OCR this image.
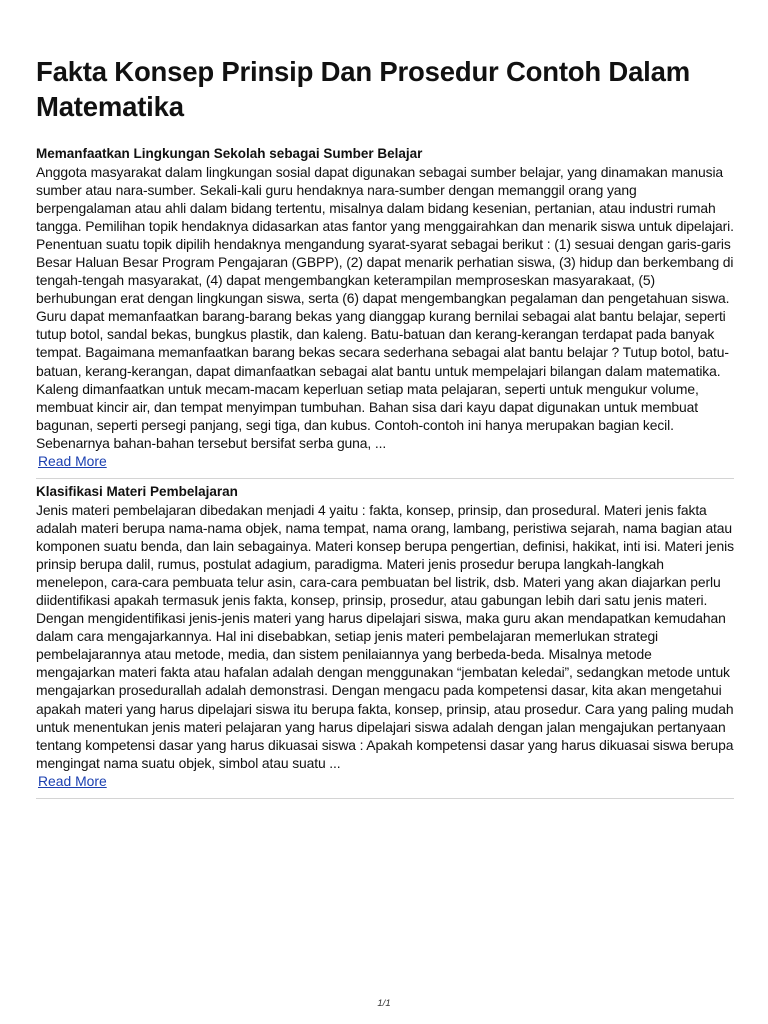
Fakta Konsep Prinsip Dan Prosedur Contoh Dalam Matematika
Memanfaatkan Lingkungan Sekolah sebagai Sumber Belajar

Anggota masyarakat dalam lingkungan sosial dapat digunakan sebagai sumber belajar, yang dinamakan manusia sumber atau nara-sumber. Sekali-kali guru hendaknya nara-sumber dengan memanggil orang yang berpengalaman atau ahli dalam bidang tertentu, misalnya dalam bidang kesenian, pertanian, atau industri rumah tangga. Pemilihan topik hendaknya didasarkan atas fantor yang menggairahkan dan menarik siswa untuk dipelajari. Penentuan suatu topik dipilih hendaknya mengandung syarat-syarat sebagai berikut : (1) sesuai dengan garis-garis Besar Haluan Besar Program Pengajaran (GBPP), (2) dapat menarik perhatian siswa, (3) hidup dan berkembang di tengah-tengah masyarakat, (4) dapat mengembangkan keterampilan memproseskan masyarakaat, (5) berhubungan erat dengan lingkungan siswa, serta (6) dapat mengembangkan pegalaman dan pengetahuan siswa. Guru dapat memanfaatkan barang-barang bekas yang dianggap kurang bernilai sebagai alat bantu belajar, seperti tutup botol, sandal bekas, bungkus plastik, dan kaleng. Batu-batuan dan kerang-kerangan terdapat pada banyak tempat. Bagaimana memanfaatkan barang bekas secara sederhana sebagai alat bantu belajar ? Tutup botol, batu-batuan, kerang-kerangan, dapat dimanfaatkan sebagai alat bantu untuk mempelajari bilangan dalam matematika. Kaleng dimanfaatkan untuk mecam-macam keperluan setiap mata pelajaran, seperti untuk mengukur volume, membuat kincir air, dan tempat menyimpan tumbuhan. Bahan sisa dari kayu dapat digunakan untuk membuat bagunan, seperti persegi panjang, segi tiga, dan kubus. Contoh-contoh ini hanya merupakan bagian kecil. Sebenarnya bahan-bahan tersebut bersifat serba guna, ...

Read More
Klasifikasi Materi Pembelajaran

Jenis materi pembelajaran dibedakan menjadi 4 yaitu : fakta, konsep, prinsip, dan prosedural. Materi jenis fakta adalah materi berupa nama-nama objek, nama tempat, nama orang, lambang, peristiwa sejarah, nama bagian atau komponen suatu benda, dan lain sebagainya. Materi konsep berupa pengertian, definisi, hakikat, inti isi. Materi jenis prinsip berupa dalil, rumus, postulat adagium, paradigma. Materi jenis prosedur berupa langkah-langkah menelepon, cara-cara pembuata telur asin, cara-cara pembuatan bel listrik, dsb. Materi yang akan diajarkan perlu diidentifikasi apakah termasuk jenis fakta, konsep, prinsip, prosedur, atau gabungan lebih dari satu jenis materi. Dengan mengidentifikasi jenis-jenis materi yang harus dipelajari siswa, maka guru akan mendapatkan kemudahan dalam cara mengajarkannya. Hal ini disebabkan, setiap jenis materi pembelajaran memerlukan strategi pembelajarannya atau metode, media, dan sistem penilaiannya yang berbeda-beda. Misalnya metode mengajarkan materi fakta atau hafalan adalah dengan menggunakan “jembatan keledai”, sedangkan metode untuk mengajarkan prosedurallah adalah demonstrasi. Dengan mengacu pada kompetensi dasar, kita akan mengetahui apakah materi yang harus dipelajari siswa itu berupa fakta, konsep, prinsip, atau prosedur. Cara yang paling mudah untuk menentukan jenis materi pelajaran yang harus dipelajari siswa adalah dengan jalan mengajukan pertanyaan tentang kompetensi dasar yang harus dikuasai siswa : Apakah kompetensi dasar yang harus dikuasai siswa berupa mengingat nama suatu objek, simbol atau suatu ...

Read More
1/1
